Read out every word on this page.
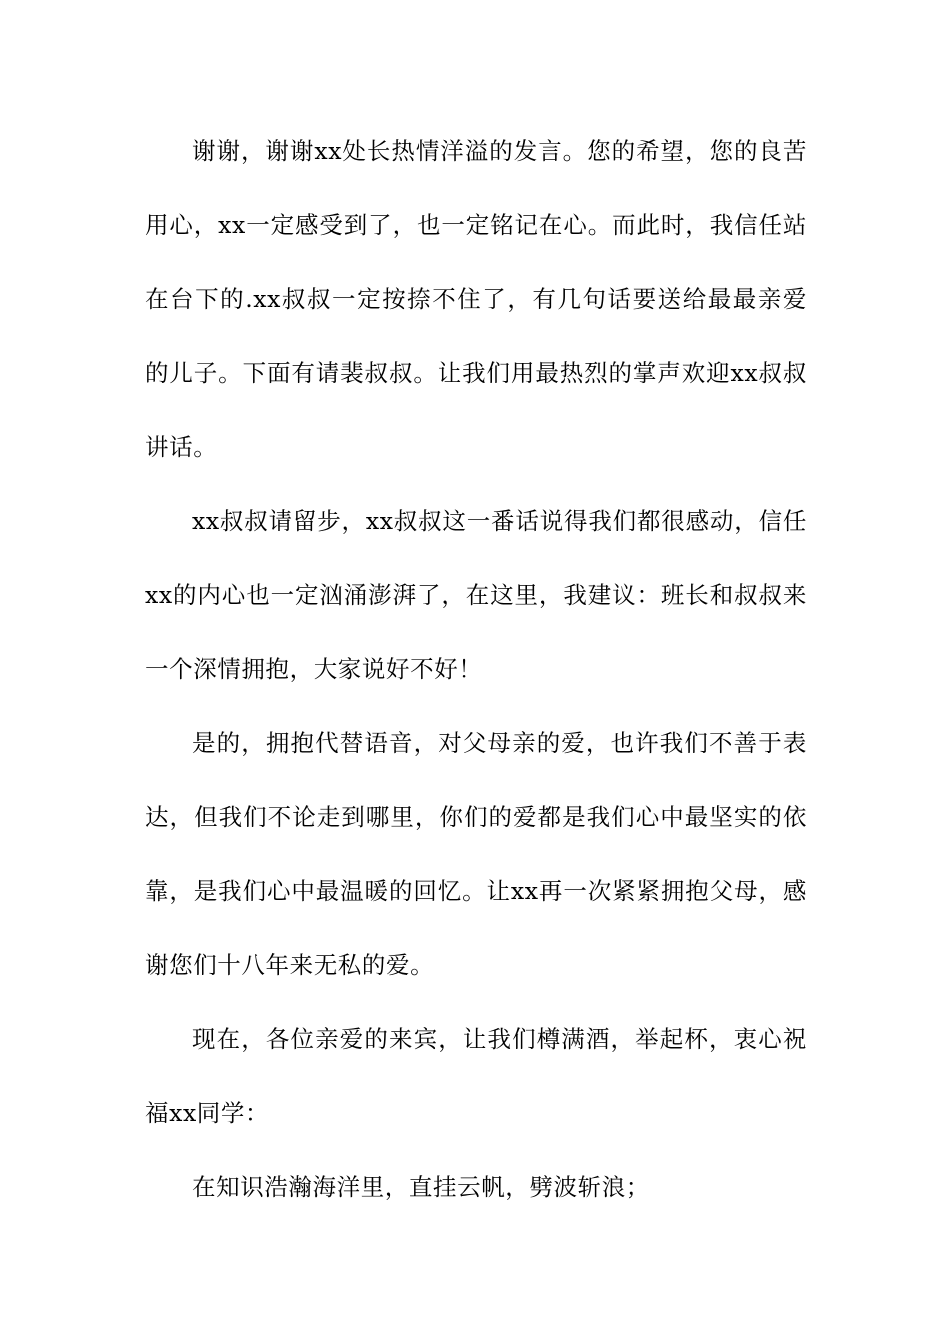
谢谢，谢谢xx处长热情洋溢的发言。您的希望，您的良苦用心，xx一定感受到了，也一定铭记在心。而此时，我信任站在台下的.xx叔叔一定按捺不住了，有几句话要送给最最亲爱的儿子。下面有请裴叔叔。让我们用最热烈的掌声欢迎xx叔叔讲话。

xx叔叔请留步，xx叔叔这一番话说得我们都很感动，信任xx的内心也一定汹涌澎湃了，在这里，我建议：班长和叔叔来一个深情拥抱，大家说好不好！

是的，拥抱代替语音，对父母亲的爱，也许我们不善于表达，但我们不论走到哪里，你们的爱都是我们心中最坚实的依靠，是我们心中最温暖的回忆。让xx再一次紧紧拥抱父母，感谢您们十八年来无私的爱。

现在，各位亲爱的来宾，让我们樽满酒，举起杯，衷心祝福xx同学：

在知识浩瀚海洋里，直挂云帆，劈波斩浪；
